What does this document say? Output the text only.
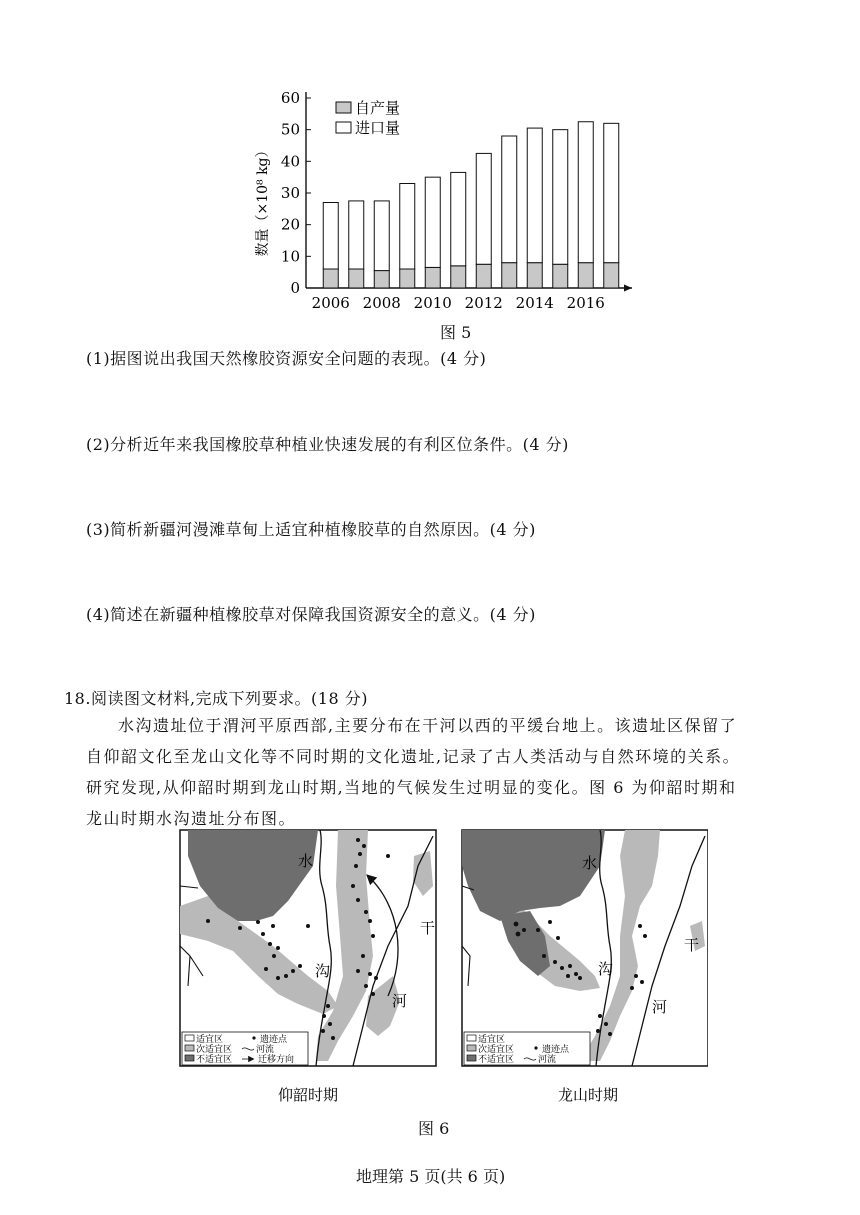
数量（×10⁸ kg）
0
10
20
30
40
50
60
2006 2008 2010 2012 2014 2016
自产量
进口量
图 5
(1)据图说出我国天然橡胶资源安全问题的表现。(4 分)
(2)分析近年来我国橡胶草种植业快速发展的有利区位条件。(4 分)
(3)简析新疆河漫滩草甸上适宜种植橡胶草的自然原因。(4 分)
(4)简述在新疆种植橡胶草对保障我国资源安全的意义。(4 分)
18.阅读图文材料,完成下列要求。(18 分)
水沟遗址位于渭河平原西部,主要分布在干河以西的平缓台地上。该遗址区保留了
自仰韶文化至龙山文化等不同时期的文化遗址,记录了古人类活动与自然环境的关系。
研究发现,从仰韶时期到龙山时期,当地的气候发生过明显的变化。图 6 为仰韶时期和
龙山时期水沟遗址分布图。
水
沟
干
河
适宜区
次适宜区
不适宜区
遗迹点
河流
迁移方向
仰韶时期
水
沟
干
河
适宜区
次适宜区
不适宜区
遗迹点
河流
龙山时期
图 6
地理第 5 页(共 6 页)
